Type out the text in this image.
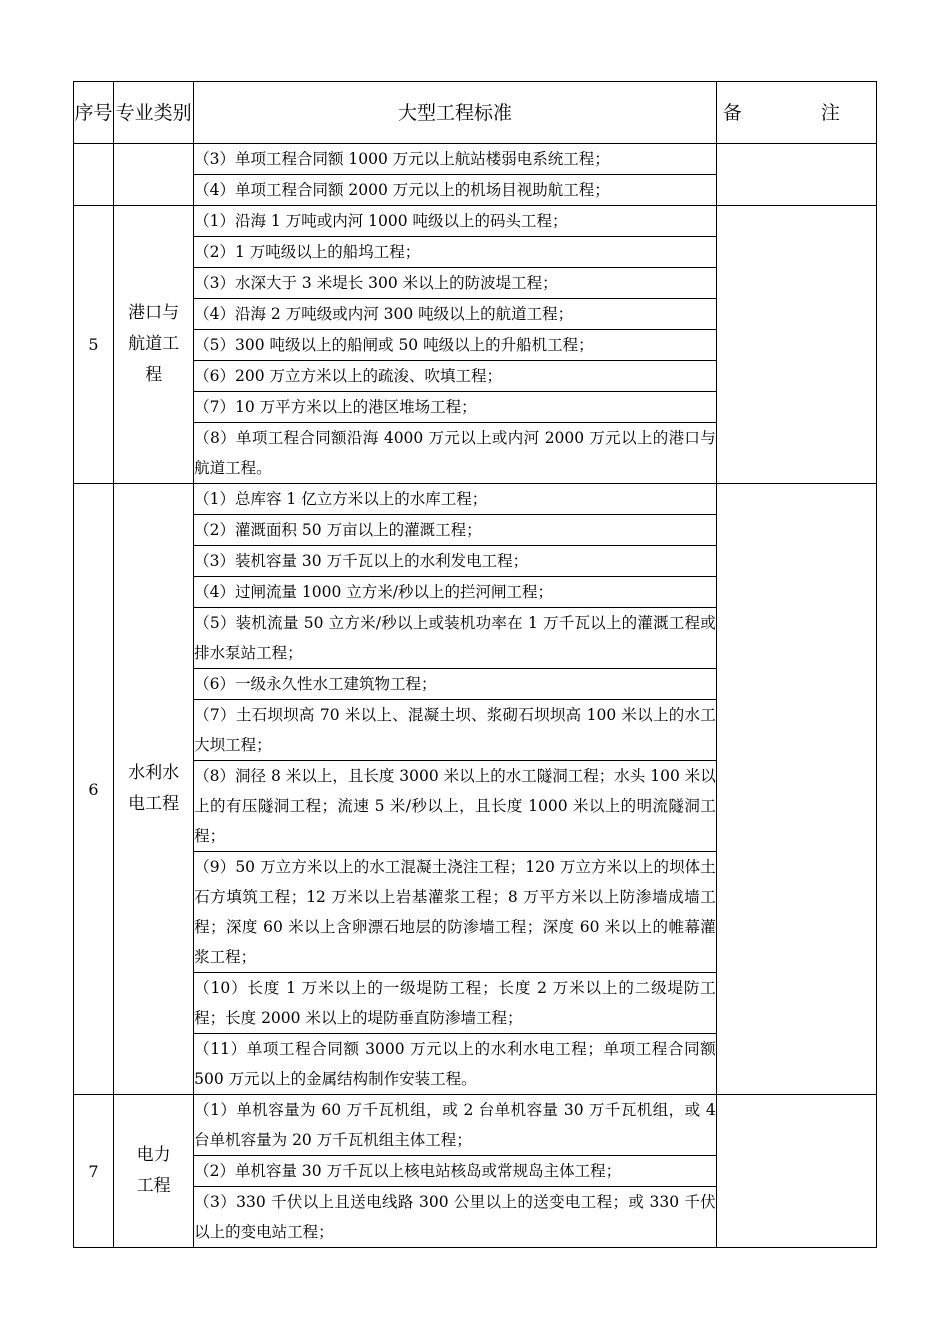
序号	专业类别	大型工程标准	备　注
		（3）单项工程合同额 1000 万元以上航站楼弱电系统工程；	
		（4）单项工程合同额 2000 万元以上的机场目视助航工程；	
5	港口与航道工程	（1）沿海 1 万吨或内河 1000 吨级以上的码头工程；	
		（2）1 万吨级以上的船坞工程；	
		（3）水深大于 3 米堤长 300 米以上的防波堤工程；	
		（4）沿海 2 万吨级或内河 300 吨级以上的航道工程；	
		（5）300 吨级以上的船闸或 50 吨级以上的升船机工程；	
		（6）200 万立方米以上的疏浚、吹填工程；	
		（7）10 万平方米以上的港区堆场工程；	
		（8）单项工程合同额沿海 4000 万元以上或内河 2000 万元以上的港口与航道工程。	
6	水利水电工程	（1）总库容 1 亿立方米以上的水库工程；	
		（2）灌溉面积 50 万亩以上的灌溉工程；	
		（3）装机容量 30 万千瓦以上的水利发电工程；	
		（4）过闸流量 1000 立方米/秒以上的拦河闸工程；	
		（5）装机流量 50 立方米/秒以上或装机功率在 1 万千瓦以上的灌溉工程或排水泵站工程；	
		（6）一级永久性水工建筑物工程；	
		（7）土石坝坝高 70 米以上、混凝土坝、浆砌石坝坝高 100 米以上的水工大坝工程；	
		（8）洞径 8 米以上，且长度 3000 米以上的水工隧洞工程；水头 100 米以上的有压隧洞工程；流速 5 米/秒以上，且长度 1000 米以上的明流隧洞工程；	
		（9）50 万立方米以上的水工混凝土浇注工程；120 万立方米以上的坝体土石方填筑工程；12 万米以上岩基灌浆工程；8 万平方米以上防渗墙成墙工程；深度 60 米以上含卵漂石地层的防渗墙工程；深度 60 米以上的帷幕灌浆工程；	
		（10）长度 1 万米以上的一级堤防工程；长度 2 万米以上的二级堤防工程；长度 2000 米以上的堤防垂直防渗墙工程；	
		（11）单项工程合同额 3000 万元以上的水利水电工程；单项工程合同额 500 万元以上的金属结构制作安装工程。	
7	电力工程	（1）单机容量为 60 万千瓦机组，或 2 台单机容量 30 万千瓦机组，或 4 台单机容量为 20 万千瓦机组主体工程；	
		（2）单机容量 30 万千瓦以上核电站核岛或常规岛主体工程；	
		（3）330 千伏以上且送电线路 300 公里以上的送变电工程；或 330 千伏以上的变电站工程；	
